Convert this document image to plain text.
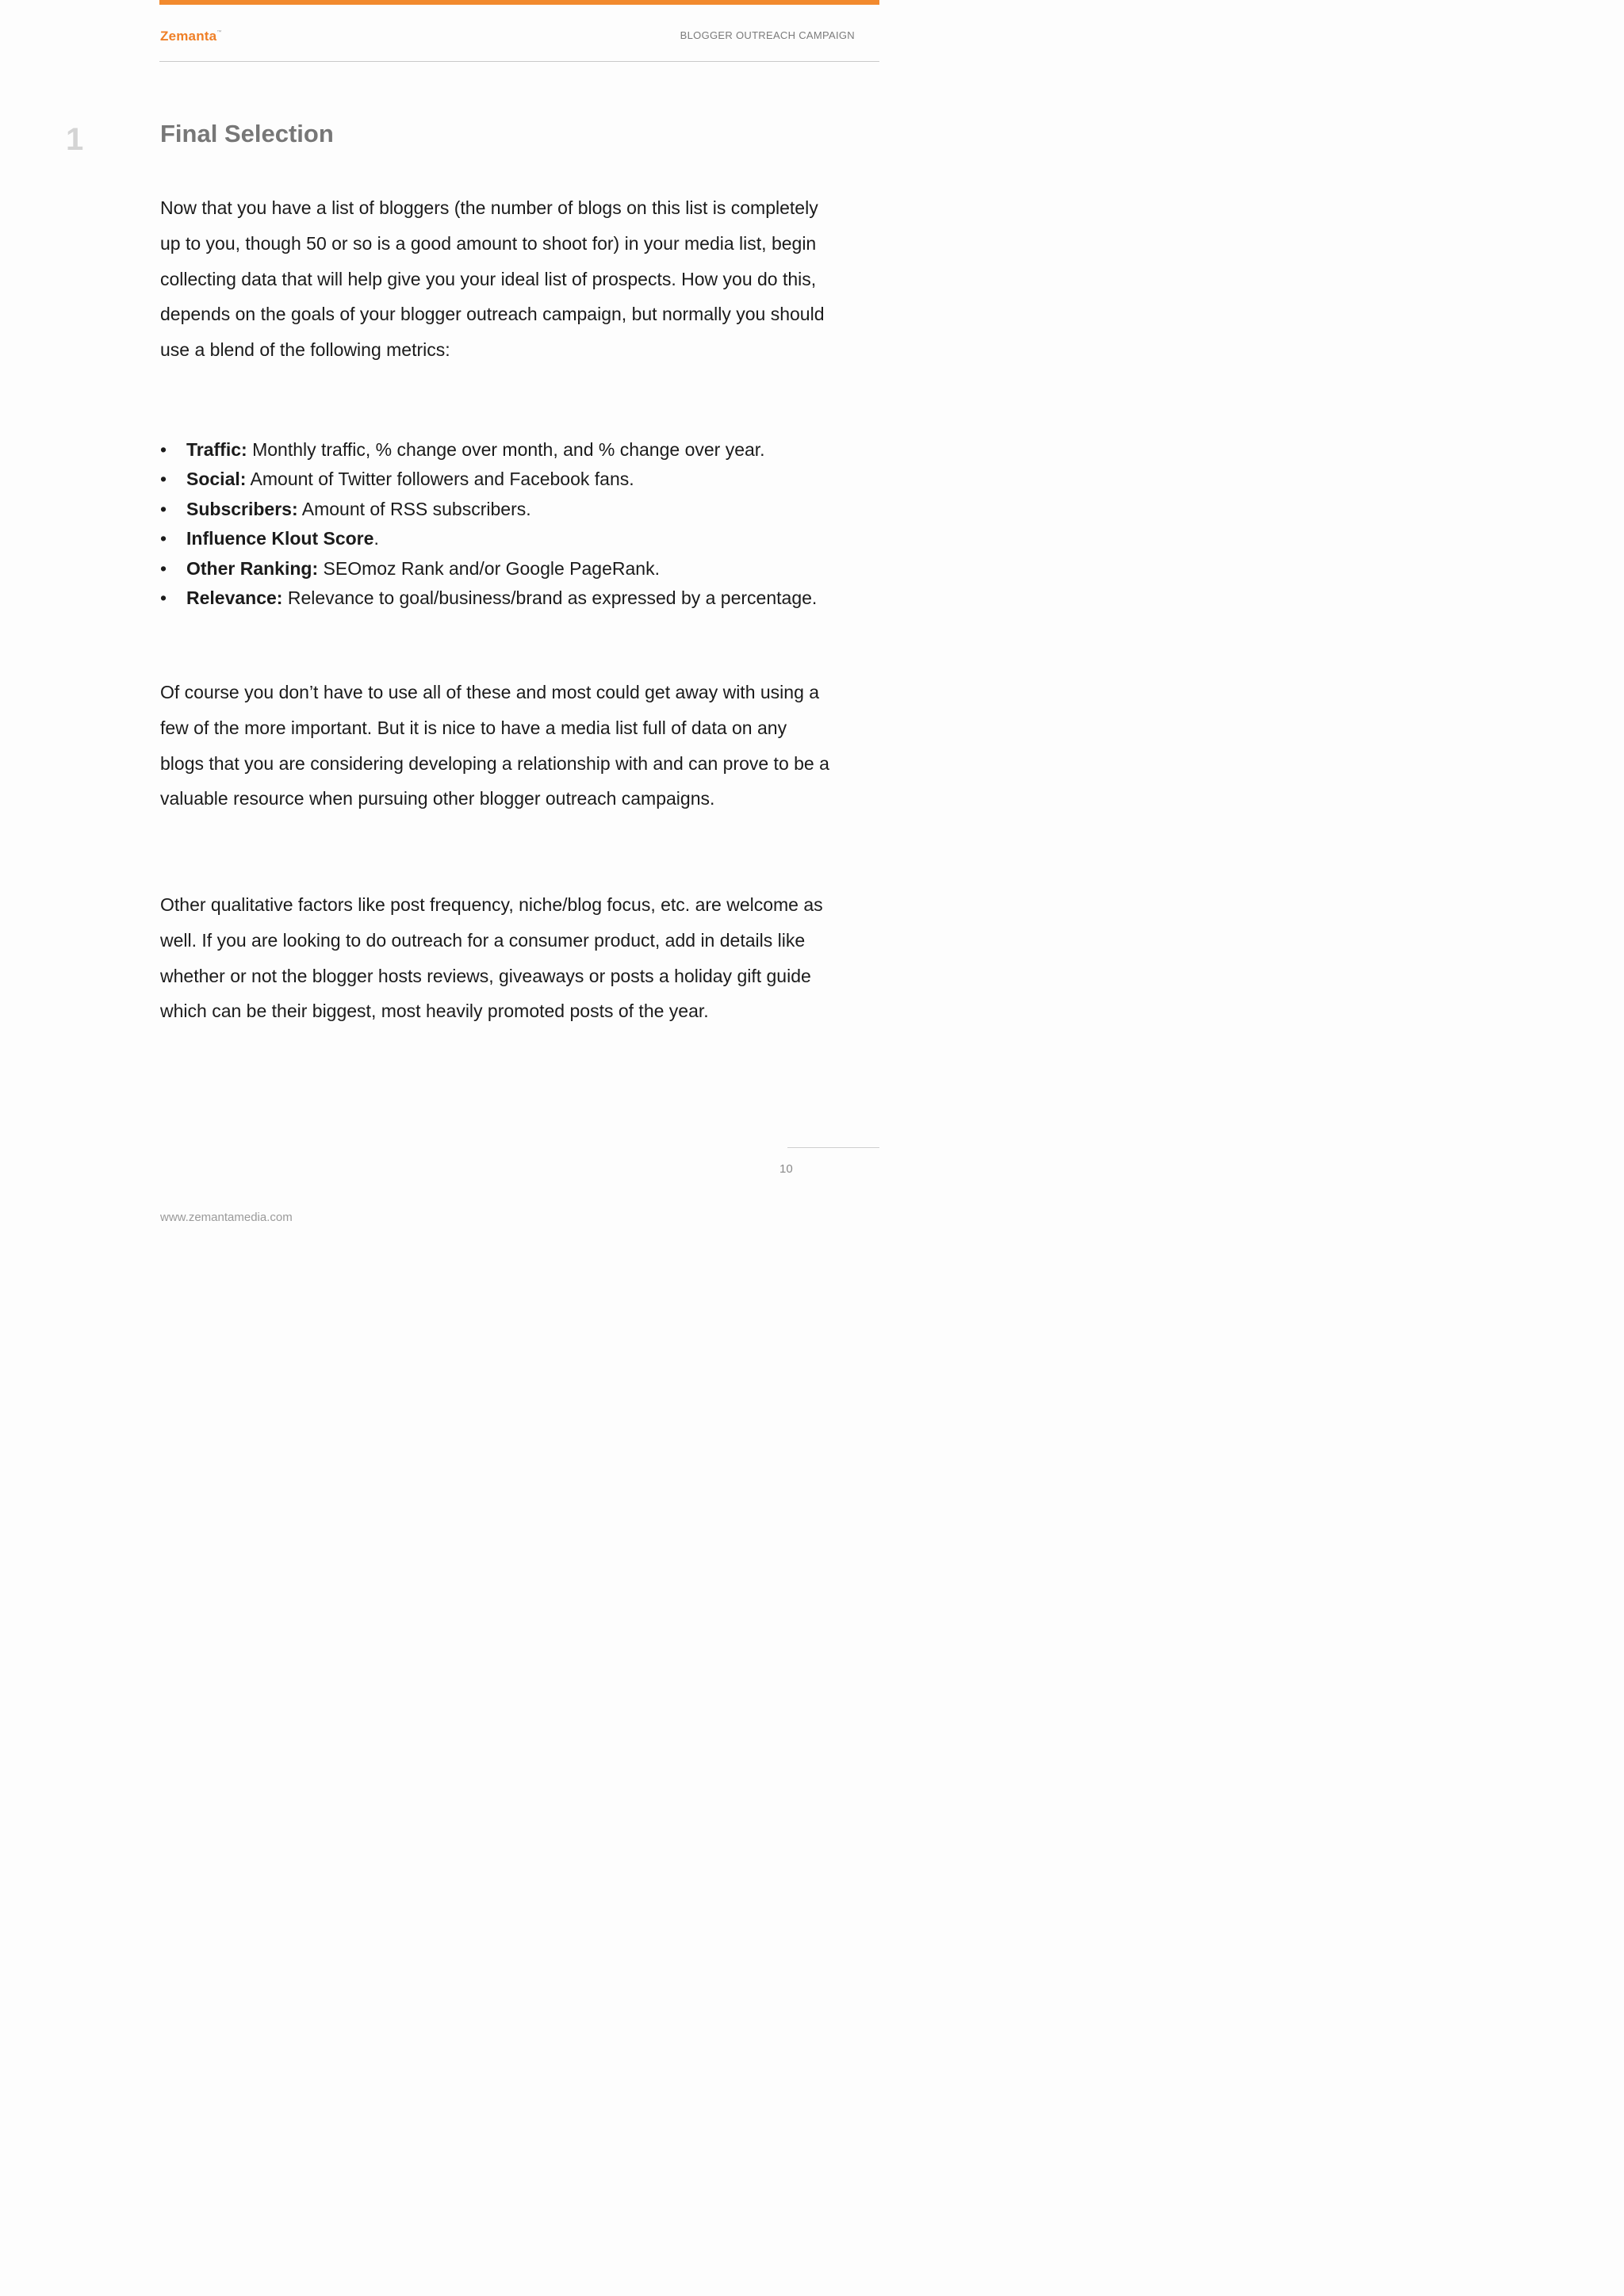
Zemanta™	BLOGGER OUTREACH CAMPAIGN
1	Final Selection

Now that you have a list of bloggers (the number of blogs on this list is completely up to you, though 50 or so is a good amount to shoot for) in your media list, begin collecting data that will help give you your ideal list of prospects. How you do this, depends on the goals of your blogger outreach campaign, but normally you should use a blend of the following metrics:

•	Traffic: Monthly traffic, % change over month, and % change over year.
•	Social: Amount of Twitter followers and Facebook fans.
•	Subscribers: Amount of RSS subscribers.
•	Influence Klout Score.
•	Other Ranking: SEOmoz Rank and/or Google PageRank.
•	Relevance: Relevance to goal/business/brand as expressed by a percentage.

Of course you don’t have to use all of these and most could get away with using a few of the more important. But it is nice to have a media list full of data on any blogs that you are considering developing a relationship with and can prove to be a valuable resource when pursuing other blogger outreach campaigns.

Other qualitative factors like post frequency, niche/blog focus, etc. are welcome as well. If you are looking to do outreach for a consumer product, add in details like whether or not the blogger hosts reviews, giveaways or posts a holiday gift guide which can be their biggest, most heavily promoted posts of the year.

10
www.zemantamedia.com
